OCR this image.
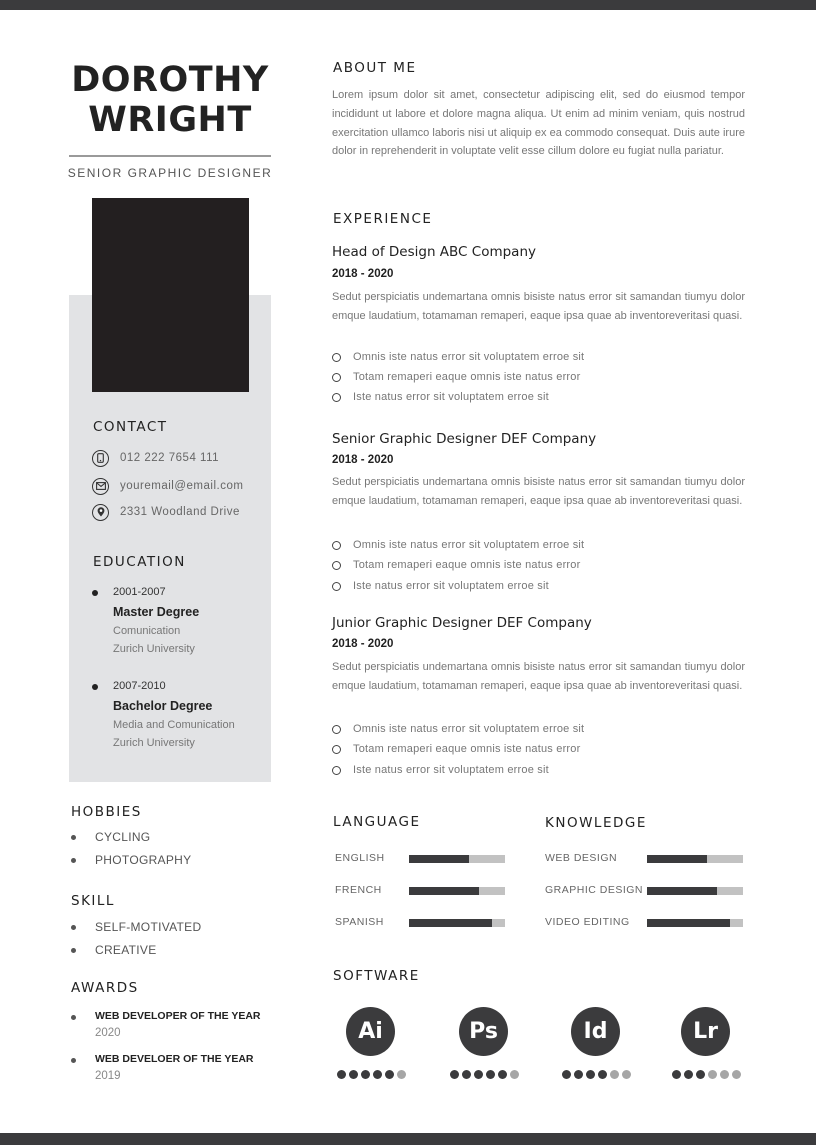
DOROTHY
WRIGHT
SENIOR GRAPHIC DESIGNER
CONTACT
012 222 7654 111
youremail@email.com
2331 Woodland Drive
EDUCATION
2001-2007
Master Degree
Comunication
Zurich University
2007-2010
Bachelor Degree
Media and Comunication
Zurich University
HOBBIES
CYCLING
PHOTOGRAPHY
SKILL
SELF-MOTIVATED
CREATIVE
AWARDS
WEB DEVELOPER OF THE YEAR
2020
WEB DEVELOER OF THE YEAR
2019
ABOUT ME
Lorem ipsum dolor sit amet, consectetur adipiscing elit, sed do eiusmod tempor incididunt ut labore et dolore magna aliqua. Ut enim ad minim veniam, quis nostrud exercitation ullamco laboris nisi ut aliquip ex ea commodo consequat. Duis aute irure dolor in reprehenderit in voluptate velit esse cillum dolore eu fugiat nulla pariatur.
EXPERIENCE
Head of Design ABC Company
2018 - 2020
Sedut perspiciatis undemartana omnis bisiste natus error sit samandan tiumyu dolor emque laudatium, totamaman remaperi, eaque ipsa quae ab inventoreveritasi quasi.
Omnis iste natus error sit voluptatem erroe sit
Totam remaperi eaque omnis iste natus error
Iste natus error sit voluptatem erroe sit
Senior Graphic Designer DEF Company
2018 - 2020
Sedut perspiciatis undemartana omnis bisiste natus error sit samandan tiumyu dolor emque laudatium, totamaman remaperi, eaque ipsa quae ab inventoreveritasi quasi.
Omnis iste natus error sit voluptatem erroe sit
Totam remaperi eaque omnis iste natus error
Iste natus error sit voluptatem erroe sit
Junior Graphic Designer DEF Company
2018 - 2020
Sedut perspiciatis undemartana omnis bisiste natus error sit samandan tiumyu dolor emque laudatium, totamaman remaperi, eaque ipsa quae ab inventoreveritasi quasi.
Omnis iste natus error sit voluptatem erroe sit
Totam remaperi eaque omnis iste natus error
Iste natus error sit voluptatem erroe sit
LANGUAGE	KNOWLEDGE
ENGLISH
FRENCH
SPANISH
WEB DESIGN
GRAPHIC DESIGN
VIDEO EDITING
SOFTWARE
Ai	Ps	Id	Lr
